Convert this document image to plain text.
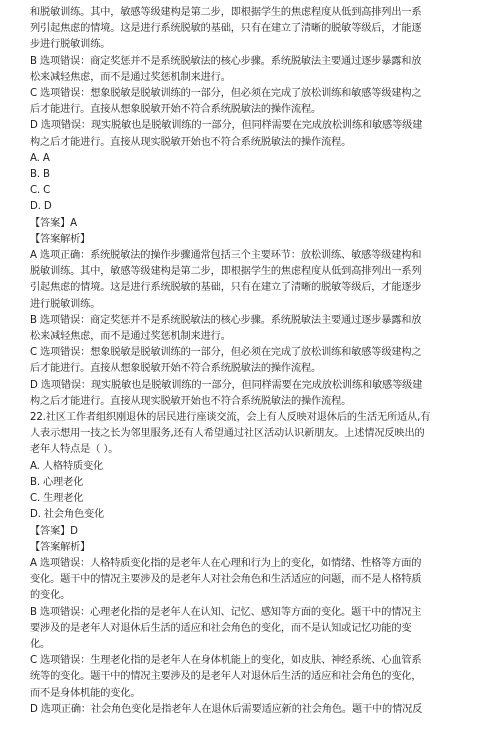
和脱敏训练。其中，敏感等级建构是第二步，即根据学生的焦虑程度从低到高排列出一系
列引起焦虑的情境。这是进行系统脱敏的基础，只有在建立了清晰的脱敏等级后，才能逐
步进行脱敏训练。
B 选项错误：商定奖惩并不是系统脱敏法的核心步骤。系统脱敏法主要通过逐步暴露和放
松来减轻焦虑，而不是通过奖惩机制来进行。
C 选项错误：想象脱敏是脱敏训练的一部分，但必须在完成了放松训练和敏感等级建构之
后才能进行。直接从想象脱敏开始不符合系统脱敏法的操作流程。
D 选项错误：现实脱敏也是脱敏训练的一部分，但同样需要在完成放松训练和敏感等级建
构之后才能进行。直接从现实脱敏开始也不符合系统脱敏法的操作流程。
A. A
B. B
C. C
D. D
【答案】A
【答案解析】
A 选项正确：系统脱敏法的操作步骤通常包括三个主要环节：放松训练、敏感等级建构和
脱敏训练。其中，敏感等级建构是第二步，即根据学生的焦虑程度从低到高排列出一系列
引起焦虑的情境。这是进行系统脱敏的基础，只有在建立了清晰的脱敏等级后，才能逐步
进行脱敏训练。
B 选项错误：商定奖惩并不是系统脱敏法的核心步骤。系统脱敏法主要通过逐步暴露和放
松来减轻焦虑，而不是通过奖惩机制来进行。
C 选项错误：想象脱敏是脱敏训练的一部分，但必须在完成了放松训练和敏感等级建构之
后才能进行。直接从想象脱敏开始不符合系统脱敏法的操作流程。
D 选项错误：现实脱敏也是脱敏训练的一部分，但同样需要在完成放松训练和敏感等级建
构之后才能进行。直接从现实脱敏开始也不符合系统脱敏法的操作流程。
22.社区工作者组织刚退休的居民进行座谈交流，会上有人反映对退休后的生活无所适从,有
人表示想用一技之长为邻里服务,还有人希望通过社区活动认识新朋友。上述情况反映出的
老年人特点是（ ）。
A. 人格特质变化
B. 心理老化
C. 生理老化
D. 社会角色变化
【答案】D
【答案解析】
A 选项错误：人格特质变化指的是老年人在心理和行为上的变化，如情绪、性格等方面的
变化。题干中的情况主要涉及的是老年人对社会角色和生活适应的问题，而不是人格特质
的变化。
B 选项错误：心理老化指的是老年人在认知、记忆、感知等方面的变化。题干中的情况主
要涉及的是老年人对退休后生活的适应和社会角色的变化，而不是认知或记忆功能的变
化。
C 选项错误：生理老化指的是老年人在身体机能上的变化，如皮肤、神经系统、心血管系
统等的变化。题干中的情况主要涉及的是老年人对退休后生活的适应和社会角色的变化，
而不是身体机能的变化。
D 选项正确：社会角色变化是指老年人在退休后需要适应新的社会角色。题干中的情况反
